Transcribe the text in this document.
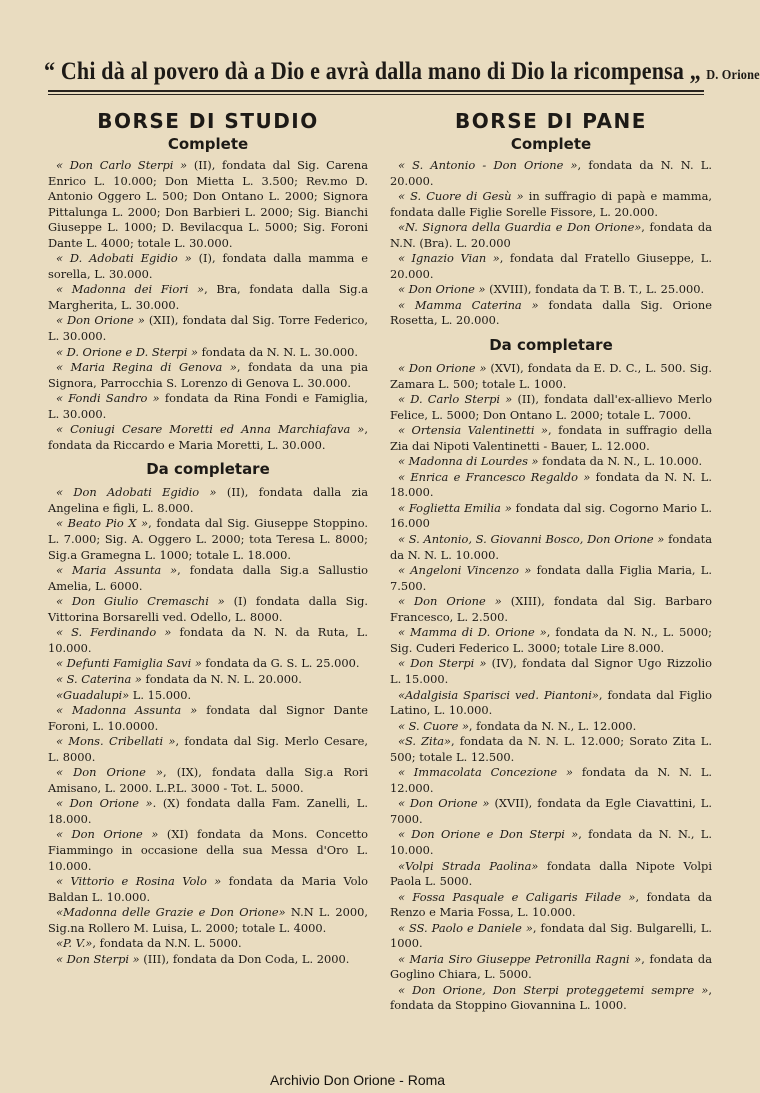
“ Chi dà al povero dà a Dio e avrà dalla mano di Dio la ricompensa „ D. Orione
BORSE DI STUDIO
Complete

« Don Carlo Sterpi » (II), fondata dal Sig. Carena Enrico L. 10.000; Don Mietta L. 3.500; Rev.mo D. Antonio Oggero L. 500; Don Ontano L. 2000; Signora Pittalunga L. 2000; Don Barbieri L. 2000; Sig. Bianchi Giuseppe L. 1000; D. Bevilacqua L. 5000; Sig. Foroni Dante L. 4000; totale L. 30.000.

« D. Adobati Egidio » (I), fondata dalla mamma e sorella, L. 30.000.

« Madonna dei Fiori », Bra, fondata dalla Sig.a Margherita, L. 30.000.

« Don Orione » (XII), fondata dal Sig. Torre Federico, L. 30.000.

« D. Orione e D. Sterpi » fondata da N. N. L. 30.000.

« Maria Regina di Genova », fondata da una pia Signora, Parrocchia S. Lorenzo di Genova L. 30.000.

« Fondi Sandro » fondata da Rina Fondi e Famiglia, L. 30.000.

« Coniugi Cesare Moretti ed Anna Marchiafava », fondata da Riccardo e Maria Moretti, L. 30.000.

Da completare

« Don Adobati Egidio » (II), fondata dalla zia Angelina e figli, L. 8.000.

« Beato Pio X », fondata dal Sig. Giuseppe Stoppino. L. 7.000; Sig. A. Oggero L. 2000; tota Teresa L. 8000; Sig.a Gramegna L. 1000; totale L. 18.000.

« Maria Assunta », fondata dalla Sig.a Sallustio Amelia, L. 6000.

« Don Giulio Cremaschi » (I) fondata dalla Sig. Vittorina Borsarelli ved. Odello, L. 8000.

« S. Ferdinando » fondata da N. N. da Ruta, L. 10.000.

« Defunti Famiglia Savi » fondata da G. S. L. 25.000.

« S. Caterina » fondata da N. N. L. 20.000.

«Guadalupi» L. 15.000.

« Madonna Assunta » fondata dal Signor Dante Foroni, L. 10.0000.

« Mons. Cribellati », fondata dal Sig. Merlo Cesare, L. 8000.

« Don Orione », (IX), fondata dalla Sig.a Rori Amisano, L. 2000. L.P.L. 3000 - Tot. L. 5000.

« Don Orione ». (X) fondata dalla Fam. Zanelli, L. 18.000.

« Don Orione » (XI) fondata da Mons. Concetto Fiammingo in occasione della sua Messa d'Oro L. 10.000.

« Vittorio e Rosina Volo » fondata da Maria Volo Baldan L. 10.000.

«Madonna delle Grazie e Don Orione» N.N L. 2000, Sig.na Rollero M. Luisa, L. 2000; totale L. 4000.

«P. V.», fondata da N.N. L. 5000.

« Don Sterpi » (III), fondata da Don Coda, L. 2000.

BORSE DI PANE
Complete

« S. Antonio - Don Orione », fondata da N. N. L. 20.000.

« S. Cuore di Gesù » in suffragio di papà e mamma, fondata dalle Figlie Sorelle Fissore, L. 20.000.

«N. Signora della Guardia e Don Orione», fondata da N.N. (Bra). L. 20.000

« Ignazio Vian », fondata dal Fratello Giuseppe, L. 20.000.

« Don Orione » (XVIII), fondata da T. B. T., L. 25.000.

« Mamma Caterina » fondata dalla Sig. Orione Rosetta, L. 20.000.

Da completare

« Don Orione » (XVI), fondata da E. D. C., L. 500. Sig. Zamara L. 500; totale L. 1000.

« D. Carlo Sterpi » (II), fondata dall'ex-allievo Merlo Felice, L. 5000; Don Ontano L. 2000; totale L. 7000.

« Ortensia Valentinetti », fondata in suffragio della Zia dai Nipoti Valentinetti - Bauer, L. 12.000.

« Madonna di Lourdes » fondata da N. N., L. 10.000.

« Enrica e Francesco Regaldo » fondata da N. N. L. 18.000.

« Foglietta Emilia » fondata dal sig. Cogorno Mario L. 16.000

« S. Antonio, S. Giovanni Bosco, Don Orione » fondata da N. N. L. 10.000.

« Angeloni Vincenzo » fondata dalla Figlia Maria, L. 7.500.

« Don Orione » (XIII), fondata dal Sig. Barbaro Francesco, L. 2.500.

« Mamma di D. Orione », fondata da N. N., L. 5000; Sig. Cuderi Federico L. 3000; totale Lire 8.000.

« Don Sterpi » (IV), fondata dal Signor Ugo Rizzolio L. 15.000.

«Adalgisia Sparisci ved. Piantoni», fondata dal Figlio Latino, L. 10.000.

« S. Cuore », fondata da N. N., L. 12.000.

«S. Zita», fondata da N. N. L. 12.000; Sorato Zita L. 500; totale L. 12.500.

« Immacolata Concezione » fondata da N. N. L. 12.000.

« Don Orione » (XVII), fondata da Egle Ciavattini, L. 7000.

« Don Orione e Don Sterpi », fondata da N. N., L. 10.000.

«Volpi Strada Paolina» fondata dalla Nipote Volpi Paola L. 5000.

« Fossa Pasquale e Caligaris Filade », fondata da Renzo e Maria Fossa, L. 10.000.

« SS. Paolo e Daniele », fondata dal Sig. Bulgarelli, L. 1000.

« Maria Siro Giuseppe Petronilla Ragni », fondata da Goglino Chiara, L. 5000.

« Don Orione, Don Sterpi proteggetemi sempre », fondata da Stoppino Giovannina L. 1000.

Archivio Don Orione - Roma
